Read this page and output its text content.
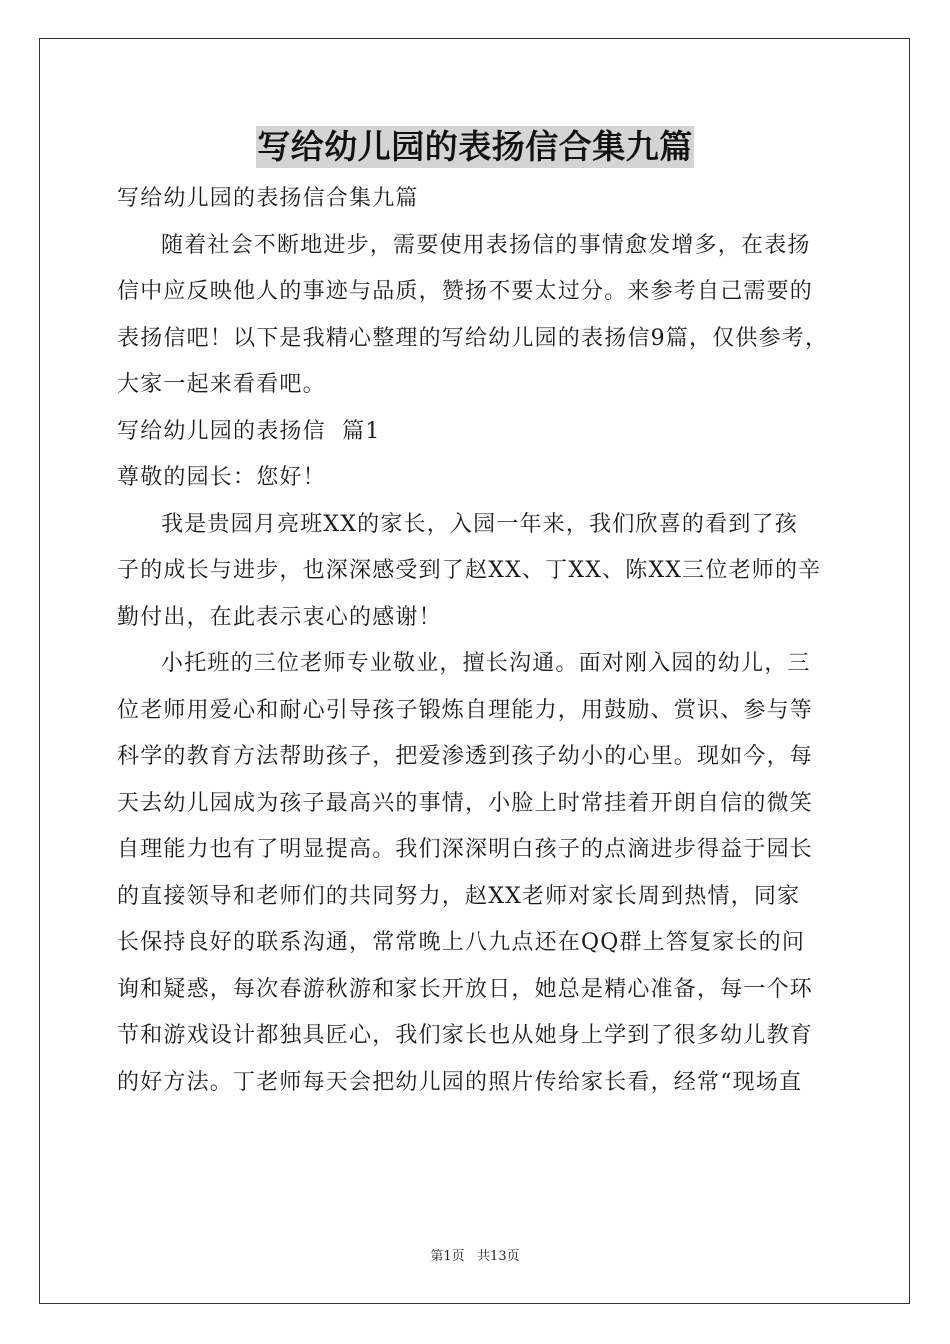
写给幼儿园的表扬信合集九篇
写给幼儿园的表扬信合集九篇
随着社会不断地进步，需要使用表扬信的事情愈发增多，在表扬
信中应反映他人的事迹与品质，赞扬不要太过分。来参考自己需要的
表扬信吧！以下是我精心整理的写给幼儿园的表扬信9篇，仅供参考，
大家一起来看看吧。
写给幼儿园的表扬信  篇1
尊敬的园长：您好！
我是贵园月亮班XX的家长，入园一年来，我们欣喜的看到了孩
子的成长与进步，也深深感受到了赵XX、丁XX、陈XX三位老师的辛
勤付出，在此表示衷心的感谢！
小托班的三位老师专业敬业，擅长沟通。面对刚入园的幼儿，三
位老师用爱心和耐心引导孩子锻炼自理能力，用鼓励、赏识、参与等
科学的教育方法帮助孩子，把爱渗透到孩子幼小的心里。现如今，每
天去幼儿园成为孩子最高兴的事情，小脸上时常挂着开朗自信的微笑
自理能力也有了明显提高。我们深深明白孩子的点滴进步得益于园长
的直接领导和老师们的共同努力，赵XX老师对家长周到热情，同家
长保持良好的联系沟通，常常晚上八九点还在QQ群上答复家长的问
询和疑惑，每次春游秋游和家长开放日，她总是精心准备，每一个环
节和游戏设计都独具匠心，我们家长也从她身上学到了很多幼儿教育
的好方法。丁老师每天会把幼儿园的照片传给家长看，经常“现场直
第1页   共13页
